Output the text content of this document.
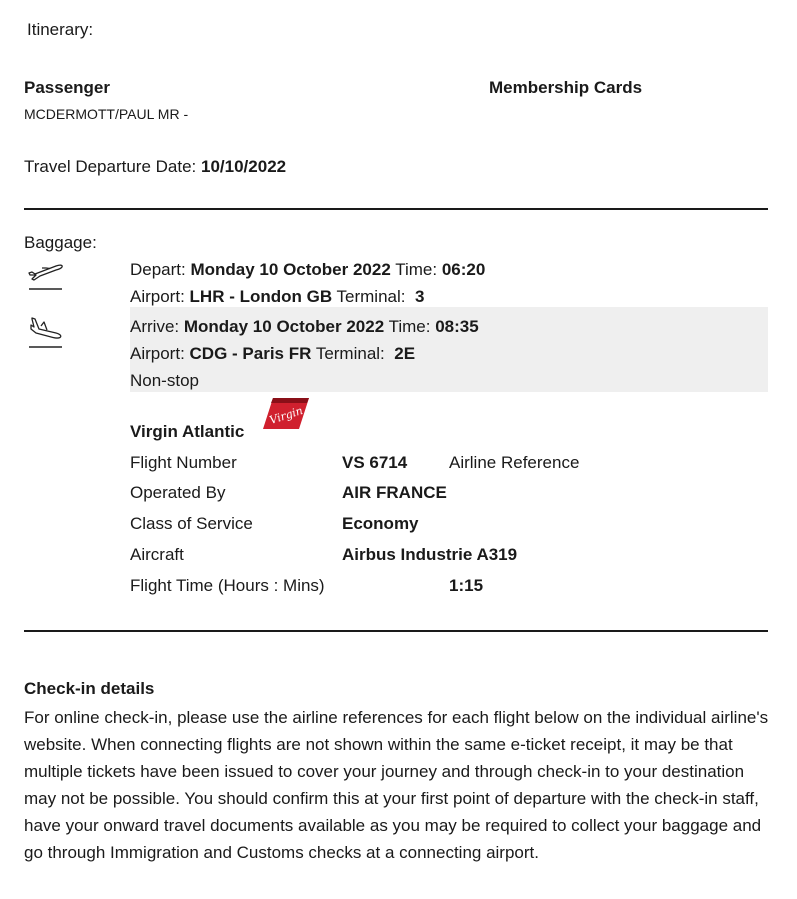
Itinerary:
Passenger	Membership Cards
MCDERMOTT/PAUL MR -
Travel Departure Date: 10/10/2022
Baggage:
Depart: Monday 10 October 2022 Time: 06:20
Airport: LHR - London GB Terminal: 3
Arrive: Monday 10 October 2022 Time: 08:35
Airport: CDG - Paris FR Terminal: 2E
Non-stop
Virgin Atlantic
Virgin
Flight Number	VS 6714 Airline Reference
Operated By	AIR FRANCE
Class of Service	Economy
Aircraft	Airbus Industrie A319
Flight Time (Hours : Mins)	1:15
Check-in details
For online check-in, please use the airline references for each flight below on the individual airline's website. When connecting flights are not shown within the same e-ticket receipt, it may be that multiple tickets have been issued to cover your journey and through check-in to your destination may not be possible. You should confirm this at your first point of departure with the check-in staff, have your onward travel documents available as you may be required to collect your baggage and go through Immigration and Customs checks at a connecting airport.
